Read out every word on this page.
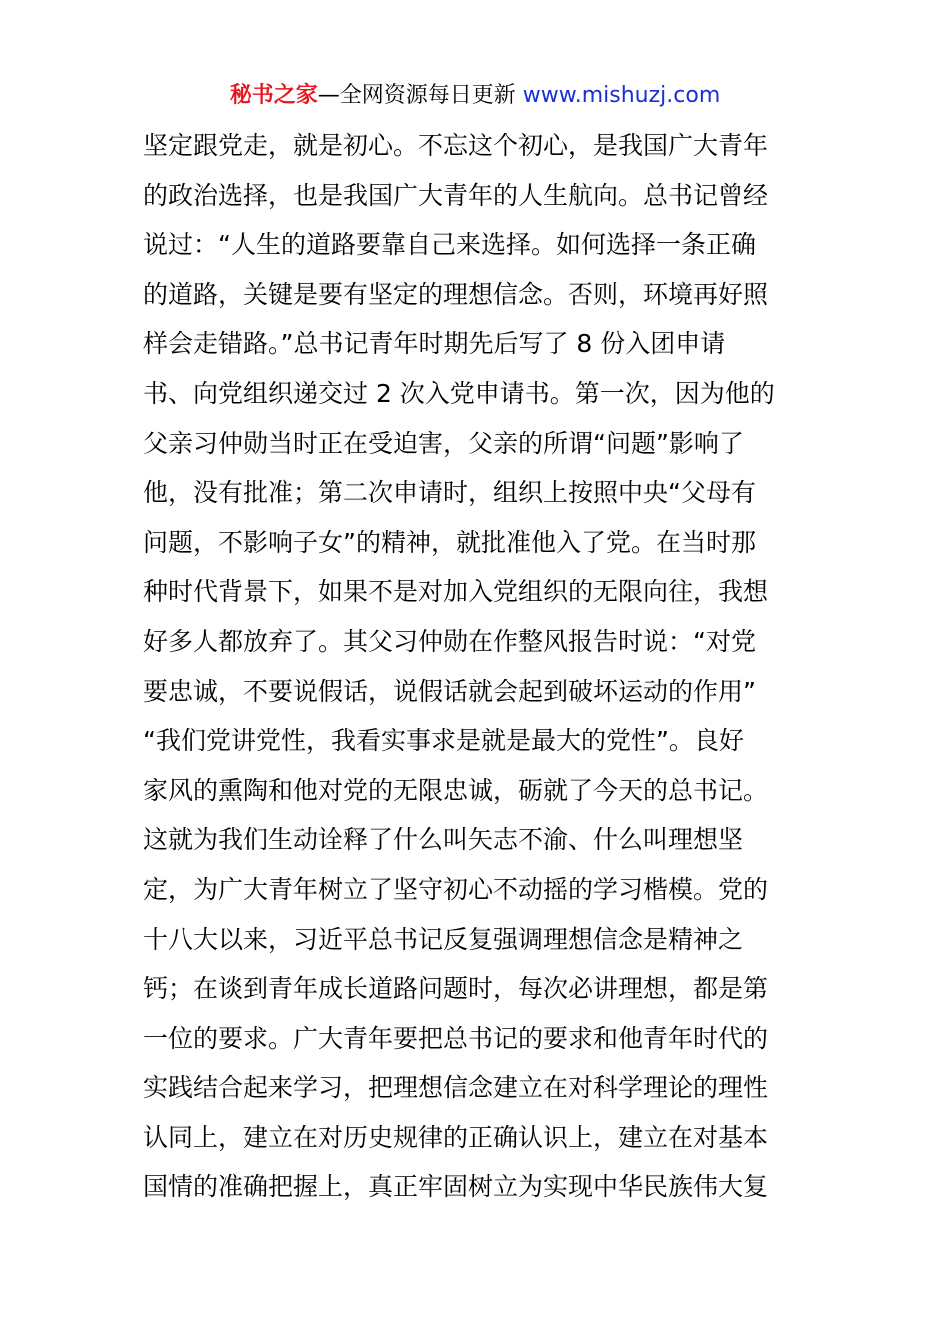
秘书之家—全网资源每日更新 www.mishuzj.com
坚定跟党走，就是初心。不忘这个初心，是我国广大青年
的政治选择，也是我国广大青年的人生航向。总书记曾经
说过：“人生的道路要靠自己来选择。如何选择一条正确
的道路，关键是要有坚定的理想信念。否则，环境再好照
样会走错路。”总书记青年时期先后写了 8 份入团申请
书、向党组织递交过 2 次入党申请书。第一次，因为他的
父亲习仲勋当时正在受迫害，父亲的所谓“问题”影响了
他，没有批准；第二次申请时，组织上按照中央“父母有
问题，不影响子女”的精神，就批准他入了党。在当时那
种时代背景下，如果不是对加入党组织的无限向往，我想
好多人都放弃了。其父习仲勋在作整风报告时说：“对党
要忠诚，不要说假话，说假话就会起到破坏运动的作用”
“我们党讲党性，我看实事求是就是最大的党性”。良好
家风的熏陶和他对党的无限忠诚，砺就了今天的总书记。
这就为我们生动诠释了什么叫矢志不渝、什么叫理想坚
定，为广大青年树立了坚守初心不动摇的学习楷模。党的
十八大以来，习近平总书记反复强调理想信念是精神之
钙；在谈到青年成长道路问题时，每次必讲理想，都是第
一位的要求。广大青年要把总书记的要求和他青年时代的
实践结合起来学习，把理想信念建立在对科学理论的理性
认同上，建立在对历史规律的正确认识上，建立在对基本
国情的准确把握上，真正牢固树立为实现中华民族伟大复
